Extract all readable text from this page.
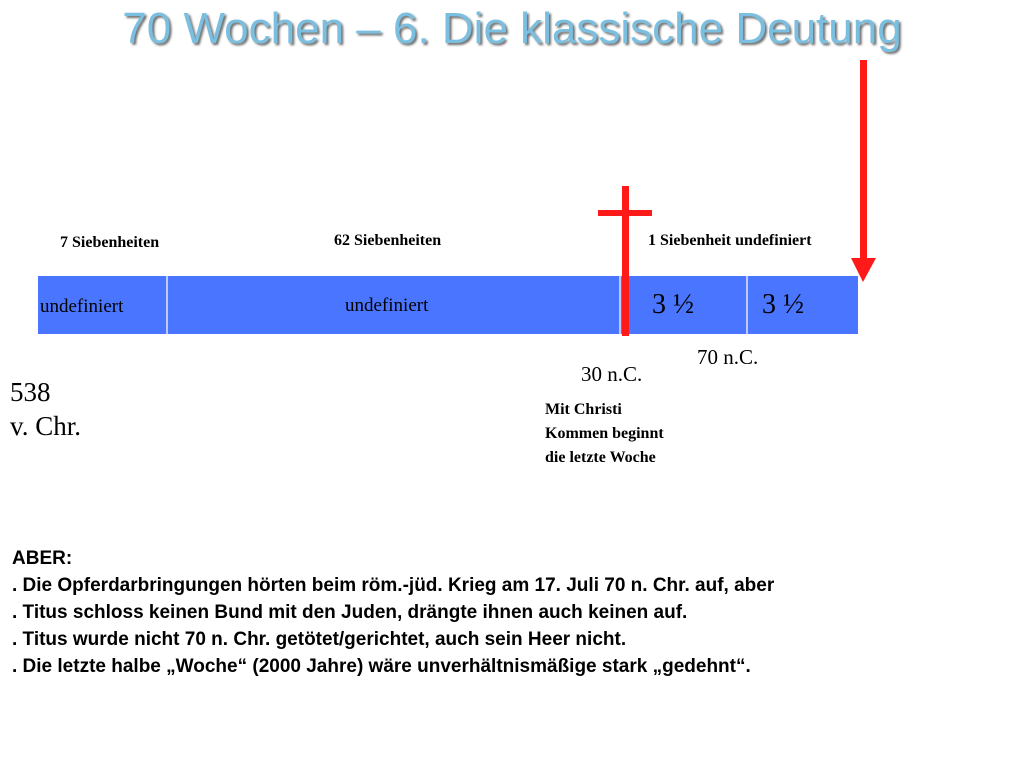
70 Wochen – 6. Die klassische Deutung
7 Siebenheiten	62 Siebenheiten	1 Siebenheit undefiniert
undefiniert	undefiniert	3 ½ 3 ½
70 n.C.
30 n.C.
538
v. Chr.
Mit Christi
Kommen beginnt
die letzte Woche
ABER:
. Die Opferdarbringungen hörten beim röm.-jüd. Krieg am 17. Juli 70 n. Chr. auf, aber
. Titus schloss keinen Bund mit den Juden, drängte ihnen auch keinen auf.
. Titus wurde nicht 70 n. Chr. getötet/gerichtet, auch sein Heer nicht.
. Die letzte halbe „Woche“ (2000 Jahre) wäre unverhältnismäßige stark „gedehnt“.
